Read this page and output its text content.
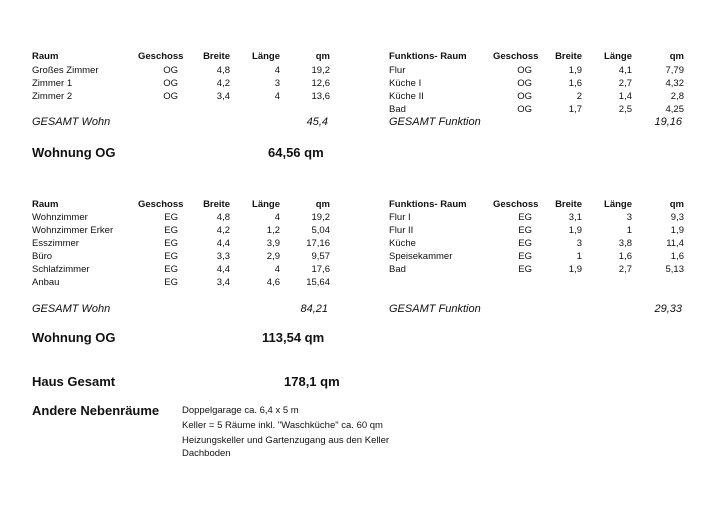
Raum	Geschoss	Breite	Länge	qm
Großes Zimmer	OG	4,8	4	19,2
Zimmer 1	OG	4,2	3	12,6
Zimmer 2	OG	3,4	4	13,6
GESAMT Wohn	45,4
Funktions- Raum	Geschoss	Breite	Länge	qm
Flur	OG	1,9	4,1	7,79
Küche I	OG	1,6	2,7	4,32
Küche II	OG	2	1,4	2,8
Bad	OG	1,7	2,5	4,25
GESAMT Funktion	19,16
Wohnung OG	64,56 qm
Raum	Geschoss	Breite	Länge	qm
Wohnzimmer	EG	4,8	4	19,2
Wohnzimmer Erker	EG	4,2	1,2	5,04
Esszimmer	EG	4,4	3,9	17,16
Büro	EG	3,3	2,9	9,57
Schlafzimmer	EG	4,4	4	17,6
Anbau	EG	3,4	4,6	15,64
GESAMT Wohn	84,21
Funktions- Raum	Geschoss	Breite	Länge	qm
Flur I	EG	3,1	3	9,3
Flur II	EG	1,9	1	1,9
Küche	EG	3	3,8	11,4
Speisekammer	EG	1	1,6	1,6
Bad	EG	1,9	2,7	5,13
GESAMT Funktion	29,33
Wohnung OG	113,54 qm
Haus Gesamt	178,1 qm
Andere Nebenräume Doppelgarage ca. 6,4 x 5 m
Keller = 5 Räume inkl. "Waschküche" ca. 60 qm
Heizungskeller und Gartenzugang aus den Keller
Dachboden
